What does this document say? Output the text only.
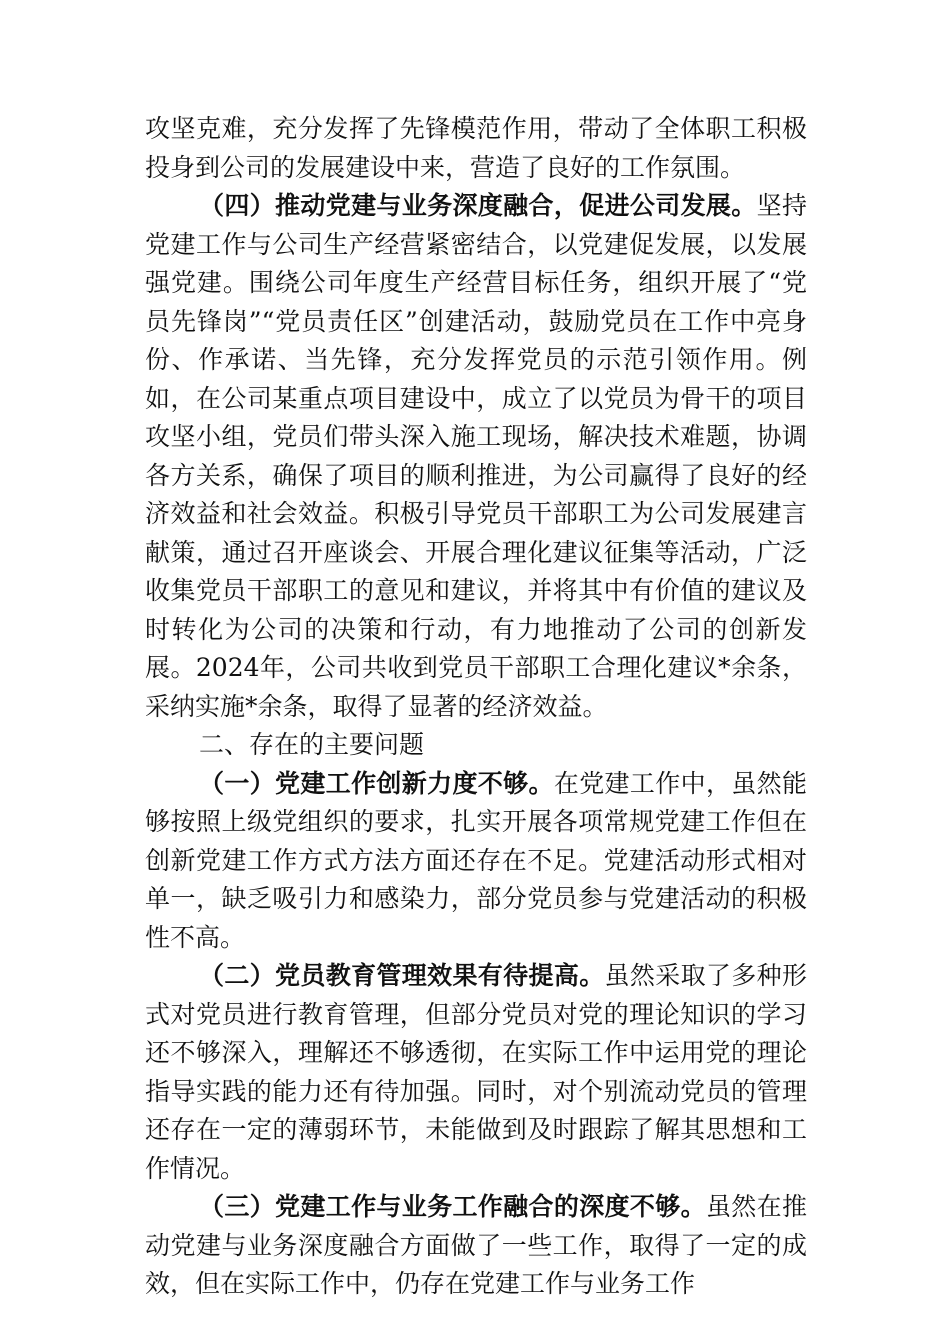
攻坚克难，充分发挥了先锋模范作用，带动了全体职工积极投身到公司的发展建设中来，营造了良好的工作氛围。

（四）推动党建与业务深度融合，促进公司发展。坚持党建工作与公司生产经营紧密结合，以党建促发展，以发展强党建。围绕公司年度生产经营目标任务，组织开展了“党员先锋岗”“党员责任区”创建活动，鼓励党员在工作中亮身份、作承诺、当先锋，充分发挥党员的示范引领作用。例如，在公司某重点项目建设中，成立了以党员为骨干的项目攻坚小组，党员们带头深入施工现场，解决技术难题，协调各方关系，确保了项目的顺利推进，为公司赢得了良好的经济效益和社会效益。积极引导党员干部职工为公司发展建言献策，通过召开座谈会、开展合理化建议征集等活动，广泛收集党员干部职工的意见和建议，并将其中有价值的建议及时转化为公司的决策和行动，有力地推动了公司的创新发展。2024年，公司共收到党员干部职工合理化建议*余条，采纳实施*余条，取得了显著的经济效益。

二、存在的主要问题

（一）党建工作创新力度不够。在党建工作中，虽然能够按照上级党组织的要求，扎实开展各项常规党建工作但在创新党建工作方式方法方面还存在不足。党建活动形式相对单一，缺乏吸引力和感染力，部分党员参与党建活动的积极性不高。

（二）党员教育管理效果有待提高。虽然采取了多种形式对党员进行教育管理，但部分党员对党的理论知识的学习还不够深入，理解还不够透彻，在实际工作中运用党的理论指导实践的能力还有待加强。同时，对个别流动党员的管理还存在一定的薄弱环节，未能做到及时跟踪了解其思想和工作情况。

（三）党建工作与业务工作融合的深度不够。虽然在推动党建与业务深度融合方面做了一些工作，取得了一定的成效，但在实际工作中，仍存在党建工作与业务工作
